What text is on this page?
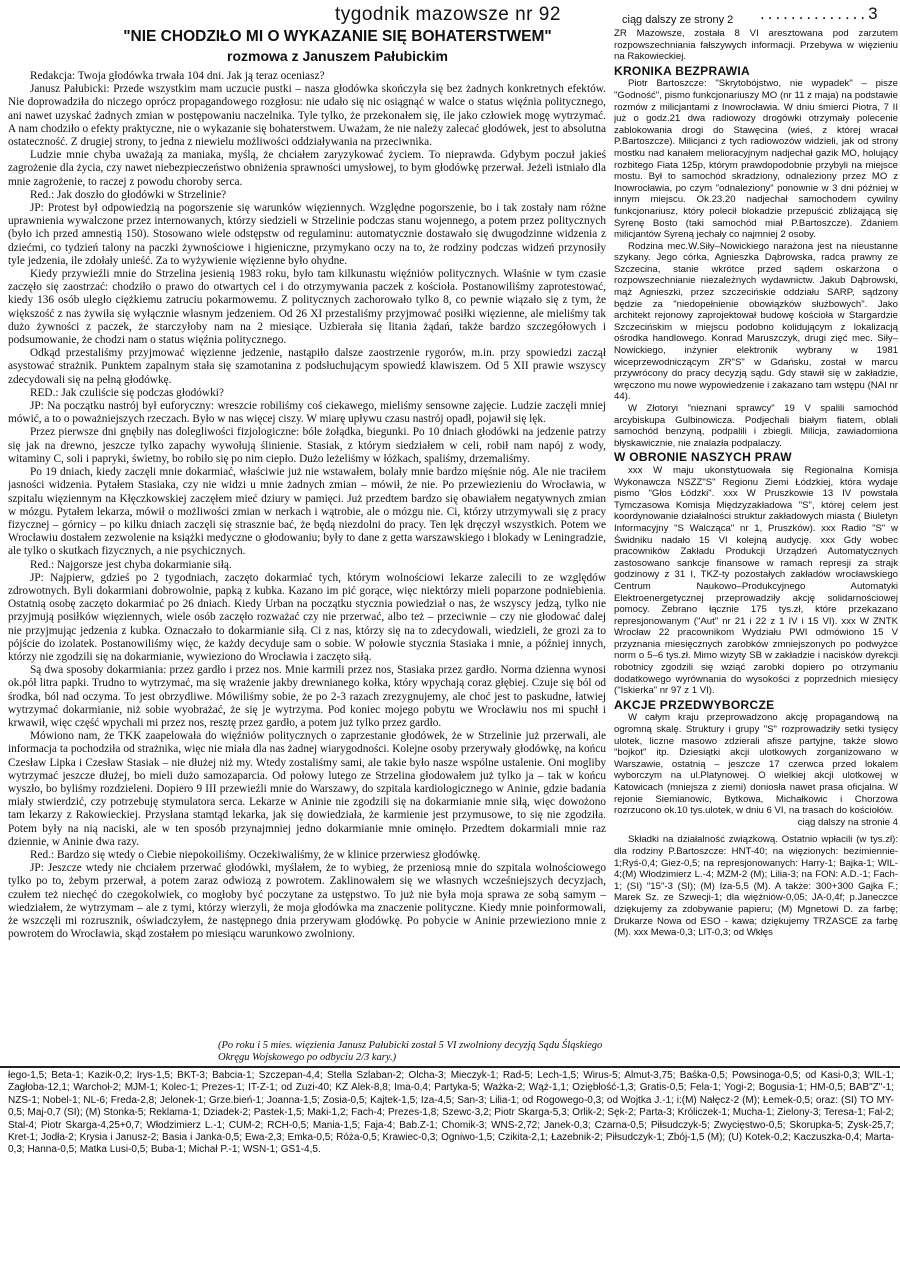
tygodnik mazowsze nr 92	ciąg dalszy ze strony 2 ..............3
"NIE CHODZIŁO MI O WYKAZANIE SIĘ BOHATERSTWEM"
rozmowa z Januszem Pałubickim

Redakcja: Twoja głodówka trwała 104 dni. Jak ją teraz oceniasz?

Janusz Pałubicki: Przede wszystkim mam uczucie pustki – nasza głodówka skończyła się bez żadnych konkretnych efektów. Nie doprowadziła do niczego oprócz propagandowego rozgłosu: nie udało się nic osiągnąć w walce o status więźnia politycznego, ani nawet uzyskać żadnych zmian w postępowaniu naczelnika. Tyle tylko, że przekonałem się, ile jako człowiek mogę wytrzymać. A nam chodziło o efekty praktyczne, nie o wykazanie się bohaterstwem. Uważam, że nie należy zalecać głodówek, jest to absolutna ostateczność. Z drugiej strony, to jedna z niewielu możliwości oddziaływania na przeciwnika.

Ludzie mnie chyba uważają za maniaka, myślą, że chciałem zaryzykować życiem. To nieprawda. Gdybym poczuł jakieś zagrożenie dla życia, czy nawet niebezpieczeństwo obniżenia sprawności umysłowej, to bym głodówkę przerwał. Jeżeli istniało dla mnie zagrożenie, to raczej z powodu choroby serca.

Red.: Jak doszło do głodówki w Strzelinie?

JP: Protest był odpowiedzią na pogorszenie się warunków więziennych. Względne pogorszenie, bo i tak zostały nam różne uprawnienia wywalczone przez internowanych, którzy siedzieli w Strzelinie podczas stanu wojennego, a potem przez politycznych (było ich przed amnestią 150). Stosowano wiele odstępstw od regulaminu: automatycznie dostawało się dwugodzinne widzenia z dziećmi, co tydzień talony na paczki żywnościowe i higieniczne, przymykano oczy na to, że rodziny podczas widzeń przynosiły tyle jedzenia, ile zdołały unieść. Za to wyżywienie więzienne było ohydne.

Kiedy przywieźli mnie do Strzelina jesienią 1983 roku, było tam kilkunastu więźniów politycznych. Właśnie w tym czasie zaczęło się zaostrzać: chodziło o prawo do otwartych cel i do otrzymywania paczek z kościoła. Postanowiliśmy zaprotestować, kiedy 136 osób uległo ciężkiemu zatruciu pokarmowemu. Z politycznych zachorowało tylko 8, co pewnie wiązało się z tym, że większość z nas żywiła się wyłącznie własnym jedzeniem. Od 26 XI przestaliśmy przyjmować posiłki więzienne, ale mieliśmy tak dużo żywności z paczek, że starczyłoby nam na 2 miesiące. Uzbierała się litania żądań, także bardzo szczegółowych i podsumowanie, że chodzi nam o status więźnia politycznego.

Odkąd przestaliśmy przyjmować więzienne jedzenie, nastąpiło dalsze zaostrzenie rygorów, m.in. przy spowiedzi zaczął asystować strażnik. Punktem zapalnym stała się szamotanina z podsłuchującym spowiedź klawiszem. Od 5 XII prawie wszyscy zdecydowali się na pełną głodówkę.

RED.: Jak czuliście się podczas głodówki?

JP: Na początku nastrój był euforyczny: wreszcie robiliśmy coś ciekawego, mieliśmy sensowne zajęcie. Ludzie zaczęli mniej mówić, a to o poważniejszych rzeczach. Było w nas więcej ciszy. W miarę upływu czasu nastrój opadł, pojawił się lęk.

Przez pierwsze dni gnębiły nas dolegliwości fizjologiczne: bóle żołądka, biegunki. Po 10 dniach głodówki na jedzenie patrzy się jak na drewno, jeszcze tylko zapachy wywołują ślinienie. Stasiak, z którym siedziałem w celi, robił nam napój z wody, witaminy C, soli i papryki, świetny, bo robiło się po nim ciepło. Dużo leżeliśmy w łóżkach, spaliśmy, drzemaliśmy.

Po 19 dniach, kiedy zaczęli mnie dokarmiać, właściwie już nie wstawałem, bolały mnie bardzo mięśnie nóg. Ale nie traciłem jasności widzenia. Pytałem Stasiaka, czy nie widzi u mnie żadnych zmian – mówił, że nie. Po przewiezieniu do Wrocławia, w szpitalu więziennym na Kłęczkowskiej zaczęłem mieć dziury w pamięci. Już przedtem bardzo się obawiałem negatywnych zmian w mózgu. Pytałem lekarza, mówił o możliwości zmian w nerkach i wątrobie, ale o mózgu nie. Ci, którzy utrzymywali się z pracy fizycznej – górnicy – po kilku dniach zaczęli się strasznie bać, że będą niezdolni do pracy. Ten lęk dręczył wszystkich. Potem we Wrocławiu dostałem zezwolenie na książki medyczne o głodowaniu; były to dane z getta warszawskiego i blokady w Leningradzie, ale tylko o skutkach fizycznych, a nie psychicznych.

Red.: Najgorsze jest chyba dokarmianie siłą.

JP: Najpierw, gdzieś po 2 tygodniach, zaczęto dokarmiać tych, którym wolnościowi lekarze zalecili to ze względów zdrowotnych. Byli dokarmiani dobrowolnie, papką z kubka. Kazano im pić gorące, więc niektórzy mieli poparzone podniebienia. Ostatnią osobę zaczęto dokarmiać po 26 dniach. Kiedy Urban na początku stycznia powiedział o nas, że wszyscy jedzą, tylko nie przyjmują posiłków więziennych, wiele osób zaczęło rozważać czy nie przerwać, albo też – przeciwnie – czy nie głodować dalej nie przyjmując jedzenia z kubka. Oznaczało to dokarmianie siłą. Ci z nas, którzy się na to zdecydowali, wiedzieli, że grozi za to pójście do izolatek. Postanowiliśmy więc, że każdy decyduje sam o sobie. W połowie stycznia Stasiaka i mnie, a później innych, którzy nie zgodzili się na dokarmianie, wywieziono do Wrocławia i zaczęto siłą.

Są dwa sposoby dokarmiania: przez gardło i przez nos. Mnie karmili przez nos, Stasiaka przez gardło. Norma dzienna wynosi ok.pół litra papki. Trudno to wytrzymać, ma się wrażenie jakby drewnianego kołka, który wpychają coraz głębiej. Czuje się ból od środka, ból nad oczyma. To jest obrzydliwe. Mówiliśmy sobie, że po 2-3 razach zrezygnujemy, ale choć jest to paskudne, łatwiej wytrzymać dokarmianie, niż sobie wyobrażać, że się je wytrzyma. Pod koniec mojego pobytu we Wrocławiu nos mi spuchł i krwawił, więc część wpychali mi przez nos, resztę przez gardło, a potem już tylko przez gardło.

Mówiono nam, że TKK zaapelowała do więźniów politycznych o zaprzestanie głodówek, że w Strzelinie już przerwali, ale informacja ta pochodziła od strażnika, więc nie miała dla nas żadnej wiarygodności. Kolejne osoby przerywały głodówkę, na końcu Czesław Lipka i Czesław Stasiak – nie dłużej niż my. Wtedy zostaliśmy sami, ale takie było nasze wspólne ustalenie. Oni mogliby wytrzymać jeszcze dłużej, bo mieli dużo samozaparcia. Od połowy lutego ze Strzelina głodowałem już tylko ja – tak w końcu wyszło, bo byliśmy rozdzieleni. Dopiero 9 III przewieźli mnie do Warszawy, do szpitala kardiologicznego w Aninie, gdzie badania miały stwierdzić, czy potrzebuję stymulatora serca. Lekarze w Aninie nie zgodzili się na dokarmianie mnie siłą, więc dowożono tam lekarzy z Rakowieckiej. Przysłana stamtąd lekarka, jak się dowiedziała, że karmienie jest przymusowe, to się nie zgodziła. Potem były na nią naciski, ale w ten sposób przynajmniej jedno dokarmianie mnie ominęło. Przedtem dokarmiali mnie raz dziennie, w Aninie dwa razy.

Red.: Bardzo się wtedy o Ciebie niepokoiliśmy. Oczekiwaliśmy, że w klinice przerwiesz głodówkę.

JP: Jeszcze wtedy nie chciałem przerwać głodówki, myślałem, że to wybieg, że przeniosą mnie do szpitala wolnościowego tylko po to, żebym przerwał, a potem zaraz odwiozą z powrotem. Zaklinowałem się we własnych wcześniejszych decyzjach, czułem też niechęć do czegokolwiek, co mogłoby być poczytane za ustępstwo. To już nie była moja sprawa ze sobą samym – wiedziałem, że wytrzymam – ale z tymi, którzy wierzyli, że moja głodówka ma znaczenie polityczne. Kiedy mnie poinformowali, że wszczęli mi rozrusznik, oświadczyłem, że następnego dnia przerywam głodówkę. Po pobycie w Aninie przewieziono mnie z powrotem do Wrocławia, skąd zostałem po miesiącu warunkowo zwolniony.

(Po roku i 5 mies. więzienia Janusz Pałubicki został 5 VI zwolniony decyzją Sądu Śląskiego Okręgu Wojskowego po odbyciu 2/3 kary.)

ZR Mazowsze, została 8 VI aresztowana pod zarzutem rozpowszechniania fałszywych informacji. Przebywa w więzieniu na Rakowieckiej.

KRONIKA BEZPRAWIA

Piotr Bartoszcze: "Skrytobójstwo, nie wypadek" – pisze "Godność", pismo funkcjonariuszy MO (nr 11 z maja) na podstawie rozmów z milicjantami z Inowrocławia. W dniu śmierci Piotra, 7 II już o godz.21 dwa radiowozy drogówki otrzymały polecenie zablokowania drogi do Stawęcina (wieś, z której wracał P.Bartoszcze). Milicjanci z tych radiowozów widzieli, jak od strony mostku nad kanałem melioracyjnym nadjechał gazik MO, holujący rozbitego Fiata 125p, którym prawdopodobnie przybyli na miejsce mostu. Był to samochód skradziony, odnaleziony przez MO z Inowrocławia, po czym "odnaleziony" ponownie w 3 dni później w innym miejscu. Ok.23.20 nadjechał samochodem cywilny funkcjonariusz, który polecił blokadzie przepuścić zbliżającą się Syrenę Bosto (taki samochód miał P.Bartoszcze). Zdaniem milicjantów Syreną jechały co najmniej 2 osoby.

Rodzina mec.W.Siły–Nowickiego narażona jest na nieustanne szykany. Jego córka, Agnieszka Dąbrowska, radca prawny ze Szczecina, stanie wkrótce przed sądem oskarżona o rozpowszechnianie niezależnych wydawnictw. Jakub Dąbrowski, mąż Agnieszki, przez szczecińskie oddziału SARP, sądzony będzie za "niedopełnienie obowiązków służbowych". Jako architekt rejonowy zaprojektował budowę kościoła w Stargardzie Szczecińskim w miejscu podobno kolidującym z lokalizacją ośrodka handlowego. Konrad Maruszczyk, drugi zięć mec. Siły–Nowickiego, inżynier elektronik wybrany w 1981 wiceprzewodniczącym ZR"S" w Gdańsku, został w marcu przywrócony do pracy decyzją sądu. Gdy stawił się w zakładzie, wręczono mu nowe wypowiedzenie i zakazano tam wstępu (NAI nr 44).

W Złotoryi "nieznani sprawcy" 19 V spalili samochód arcybiskupa Gulbinowicza. Podjechali białym fiatem, oblali samochód benzyną, podpalili i zbiegli. Milicja, zawiadomiona błyskawicznie, nie znalazła podpalaczy.

W OBRONIE NASZYCH PRAW

xxx W maju ukonstytuowała się Regionalna Komisja Wykonawcza NSZZ"S" Regionu Ziemi Łódzkiej, która wydaje pismo "Głos Łódzki". xxx W Pruszkowie 13 IV powstała Tymczasowa Komisja Międzyzakładowa "S", której celem jest koordynowanie działalności struktur zakładowych miasta ( Biuletyn Informacyjny "S Walcząca" nr 1, Pruszków). xxx Radio "S" w Świdniku nadało 15 VI kolejną audycję. xxx Gdy wobec pracowników Zakładu Produkcji Urządzeń Automatycznych zastosowano sankcje finansowe w ramach represji za strajk godzinowy z 31 I, TKZ-ty pozostałych zakładów wrocławskiego Centrum Naukowo–Produkcyjnego Automatyki Elektroenergetycznej przeprowadziły akcję solidarnościowej pomocy. Zebrano łącznie 175 tys.zł, które przekazano represjonowanym ("Aut" nr 21 i 22 z 1 IV i 15 VI). xxx W ZNTK Wrocław 22 pracownikom Wydziału PWI odmówiono 15 V przyznania miesięcznych zarobków zmniejszonych po podwyżce norm o 5–6 tys.zł. Mimo wizyty SB w zakładzie i nacisków dyrekcji robotnicy zgodzili się wziąć zarobki dopiero po otrzymaniu dodatkowego wyrównania do wysokości z poprzednich miesięcy ("Iskierka" nr 97 z 1 VI).

AKCJE PRZEDWYBORCZE

W całym kraju przeprowadzono akcję propagandową na ogromną skalę. Struktury i grupy "S" rozprowadziły setki tysięcy ulotek, liczne masowo zdzierali afisze partyjne, także słowo "bojkot" itp. Dziesiątki akcji ulotkowych zorganizowano w Warszawie, ostatnią – jeszcze 17 czerwca przed lokalem wyborczym na ul.Platynowej. O wielkiej akcji ulotkowej w Katowicach (mniejsza z ziemi) doniosła nawet prasa oficjalna. W rejonie Siemianowic, Bytkowa, Michałkowic i Chorzowa rozrzucono ok.10 tys.ulotek, w dniu 6 VI, na trasach do kościołów.

ciąg dalszy na stronie 4

Składki na działalność związkową. Ostatnio wpłacili (w tys.zł): dla rodziny P.Bartoszcze: HNT-40; na więzionych: bezimiennie-1;Ryś-0,4; Giez-0,5; na represjonowanych: Harry-1; Bajka-1; WIL-4;(M) Włodzimierz L.-4; MZM-2 (M); Lilia-3; na FON: A.D.-1; Fach-1; (SI) "15"-3 (SI); (M) Iza-5,5 (M). A także: 300+300 Gajka F.; Marek Sz. ze Szwecji-1; dla więźniów-0,05; JA-0,4f; p.Janeczce dziękujemy za zdobywanie papieru; (M) Mgnetowi D. za farbę; Drukarze Nowa od ESO - kawa; dziękujemy TRZASCE za farbę (M). xxx Mewa-0,3; LIT-0,3; od Wkłęs

łego-1,5; Beta-1; Kazik-0,2; Irys-1,5; BKT-3; Babcia-1; Szczepan-4,4; Stella Szlaban-2; Olcha-3; Mieczyk-1; Rad-5; Lech-1,5; Wirus-5; Almut-3,75; Baśka-0,5; Powsinoga-0,5; od Kasi-0,3; WIL-1; Zagłoba-12,1; Warchoł-2; MJM-1; Kolec-1; Prezes-1; IT-Z-1; od Zuzi-40; KZ Alek-8,8; Ima-0,4; Partyka-5; Ważka-2; Wąż-1,1; Oziębłość-1,3; Gratis-0,5; Fela-1; Yogi-2; Bogusia-1; HM-0,5; BAB"Z"-1; NZS-1; Nobel-1; NL-6; Freda-2,8; Jelonek-1; Grze.bień-1; Joanna-1,5; Zosia-0,5; Kajtek-1,5; Iza-4,5; San-3; Lilia-1; od Rogowego-0,3; od Wojtka J.-1; i:(M) Nałęcz-2 (M); Łemek-0,5; oraz: (SI) TO MY-0,5; Maj-0,7 (SI); (M) Stonka-5; Reklama-1; Dziadek-2; Pastek-1,5; Maki-1,2; Fach-4; Prezes-1,8; Szewc-3,2; Piotr Skarga-5,3; Orlik-2; Sęk-2; Parta-3; Króliczek-1; Mucha-1; Zielony-3; Teresa-1; Fal-2; Stal-4; Piotr Skarga-4,25+0,7; Włodzimierz L.-1; CUM-2; RCH-0,5; Mania-1,5; Faja-4; Bab.Z-1; Chomik-3; WNS-2,72; Janek-0,3; Czarna-0,5; Piłsudczyk-5; Zwycięstwo-0,5; Skorupka-5; Zysk-25,7; Kret-1; Jodła-2; Krysia i Janusz-2; Basia i Janka-0,5; Ewa-2,3; Emka-0,5; Róża-0,5; Krawiec-0,3; Ogniwo-1,5; Czikita-2,1; Łazebnik-2; Piłsudczyk-1; Zbój-1,5 (M); (U) Kotek-0,2; Kaczuszka-0,4; Marta-0,3; Hanna-0,5; Matka Lusi-0,5; Buba-1; Michał P.-1; WSN-1; GS1-4,5.
